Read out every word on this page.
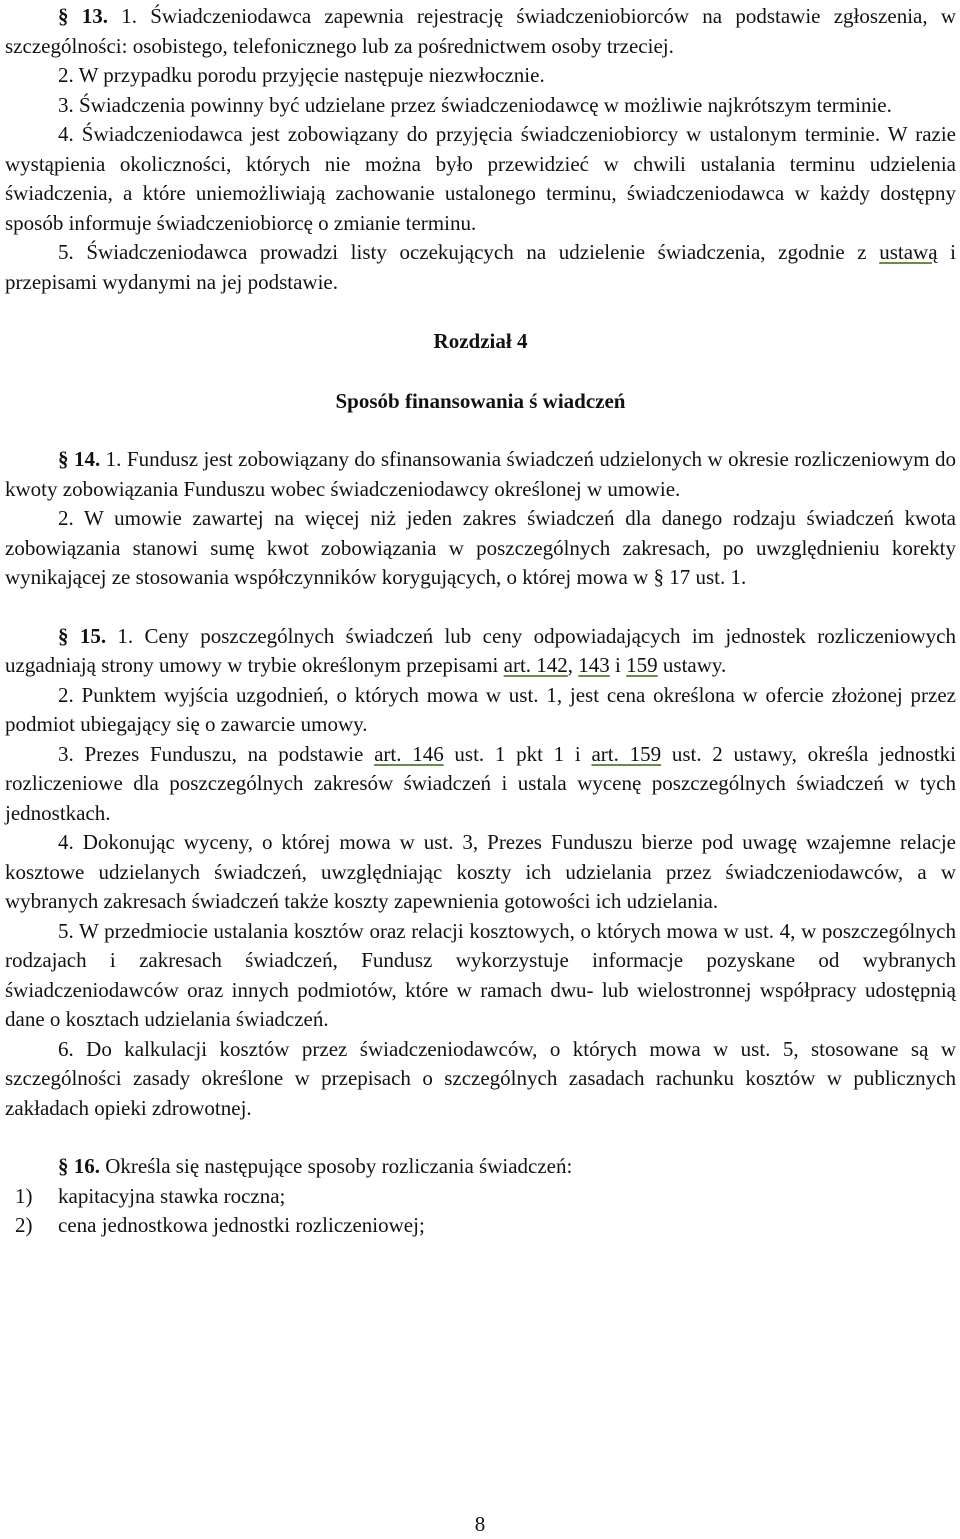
§ 13. 1. Świadczeniodawca zapewnia rejestrację świadczeniobiorców na podstawie zgłoszenia, w szczególności: osobistego, telefonicznego lub za pośrednictwem osoby trzeciej.

2. W przypadku porodu przyjęcie następuje niezwłocznie.

3. Świadczenia powinny być udzielane przez świadczeniodawcę w możliwie najkrótszym terminie.

4. Świadczeniodawca jest zobowiązany do przyjęcia świadczeniobiorcy w ustalonym terminie. W razie wystąpienia okoliczności, których nie można było przewidzieć w chwili ustalania terminu udzielenia świadczenia, a które uniemożliwiają zachowanie ustalonego terminu, świadczeniodawca w każdy dostępny sposób informuje świadczeniobiorcę o zmianie terminu.

5. Świadczeniodawca prowadzi listy oczekujących na udzielenie świadczenia, zgodnie z ustawą i przepisami wydanymi na jej podstawie.

Rozdział 4

Sposób finansowania ś wiadczeń

§ 14. 1. Fundusz jest zobowiązany do sfinansowania świadczeń udzielonych w okresie rozliczeniowym do kwoty zobowiązania Funduszu wobec świadczeniodawcy określonej w umowie.

2. W umowie zawartej na więcej niż jeden zakres świadczeń dla danego rodzaju świadczeń kwota zobowiązania stanowi sumę kwot zobowiązania w poszczególnych zakresach, po uwzględnieniu korekty wynikającej ze stosowania współczynników korygujących, o której mowa w § 17 ust. 1.

§ 15. 1. Ceny poszczególnych świadczeń lub ceny odpowiadających im jednostek rozliczeniowych uzgadniają strony umowy w trybie określonym przepisami art. 142, 143 i 159 ustawy.

2. Punktem wyjścia uzgodnień, o których mowa w ust. 1, jest cena określona w ofercie złożonej przez podmiot ubiegający się o zawarcie umowy.

3. Prezes Funduszu, na podstawie art. 146 ust. 1 pkt 1 i art. 159 ust. 2 ustawy, określa jednostki rozliczeniowe dla poszczególnych zakresów świadczeń i ustala wycenę poszczególnych świadczeń w tych jednostkach.

4. Dokonując wyceny, o której mowa w ust. 3, Prezes Funduszu bierze pod uwagę wzajemne relacje kosztowe udzielanych świadczeń, uwzględniając koszty ich udzielania przez świadczeniodawców, a w wybranych zakresach świadczeń także koszty zapewnienia gotowości ich udzielania.

5. W przedmiocie ustalania kosztów oraz relacji kosztowych, o których mowa w ust. 4, w poszczególnych rodzajach i zakresach świadczeń, Fundusz wykorzystuje informacje pozyskane od wybranych świadczeniodawców oraz innych podmiotów, które w ramach dwu- lub wielostronnej współpracy udostępnią dane o kosztach udzielania świadczeń.

6. Do kalkulacji kosztów przez świadczeniodawców, o których mowa w ust. 5, stosowane są w szczególności zasady określone w przepisach o szczególnych zasadach rachunku kosztów w publicznych zakładach opieki zdrowotnej.

§ 16. Określa się następujące sposoby rozliczania świadczeń:

1)	kapitacyjna stawka roczna;
2)	cena jednostkowa jednostki rozliczeniowej;
8
